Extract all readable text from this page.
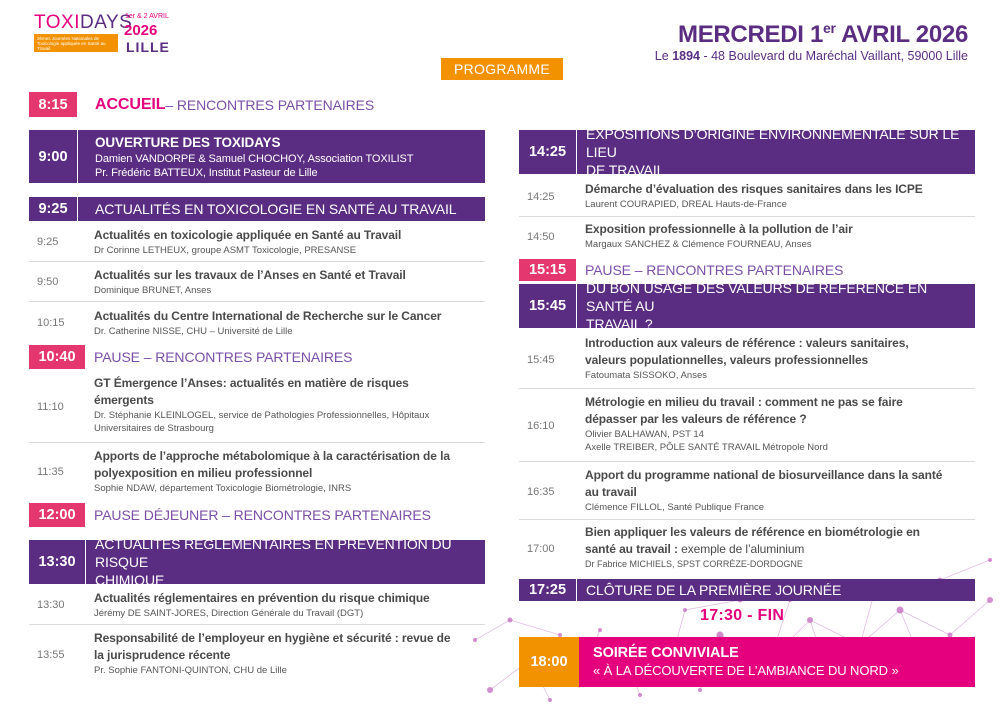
TOXIDAYS
3èmes Journées Nationales de Toxicologie appliquée en Santé au Travail
1er & 2 AVRIL
2026
LILLE	MERCREDI 1er AVRIL 2026
Le 1894 - 48 Boulevard du Maréchal Vaillant, 59000 Lille
PROGRAMME
8:15	ACCUEIL – RENCONTRES PARTENAIRES
9:00
OUVERTURE DES TOXIDAYS
Damien VANDORPE & Samuel CHOCHOY, Association TOXILIST
Pr. Frédéric BATTEUX, Institut Pasteur de Lille
9:25	ACTUALITÉS EN TOXICOLOGIE EN SANTÉ AU TRAVAIL
9:25	Actualités en toxicologie appliquée en Santé au Travail
Dr Corinne LETHEUX, groupe ASMT Toxicologie, PRESANSE
9:50	Actualités sur les travaux de l’Anses en Santé et Travail
Dominique BRUNET, Anses
10:15	Actualités du Centre International de Recherche sur le Cancer
Dr. Catherine NISSE, CHU – Université de Lille
10:40	PAUSE – RENCONTRES PARTENAIRES
11:10
GT Émergence l’Anses: actualités en matière de risques
émergents
Dr. Stéphanie KLEINLOGEL, service de Pathologies Professionnelles, Hôpitaux
Universitaires de Strasbourg
11:35
Apports de l’approche métabolomique à la caractérisation de la
polyexposition en milieu professionnel
Sophie NDAW, département Toxicologie Biométrologie, INRS
12:00	PAUSE DÉJEUNER – RENCONTRES PARTENAIRES
13:30
ACTUALITÉS RÉGLEMENTAIRES EN PRÉVENTION DU RISQUE
CHIMIQUE
13:30	Actualités réglementaires en prévention du risque chimique
Jérémy DE SAINT-JORES, Direction Générale du Travail (DGT)
13:55
Responsabilité de l’employeur en hygiène et sécurité : revue de
la jurisprudence récente
Pr. Sophie FANTONI-QUINTON, CHU de Lille
14:25
EXPOSITIONS D’ORIGINE ENVIRONNEMENTALE SUR LE LIEU
DE TRAVAIL
14:25
Démarche d’évaluation des risques sanitaires dans les ICPE
Laurent COURAPIED, DREAL Hauts-de-France
14:50
Exposition professionnelle à la pollution de l’air
Margaux SANCHEZ & Clémence FOURNEAU, Anses
15:15	PAUSE – RENCONTRES PARTENAIRES
15:45
DU BON USAGE DES VALEURS DE RÉFÉRENCE EN SANTÉ AU
TRAVAIL ?
15:45
Introduction aux valeurs de référence : valeurs sanitaires,
valeurs populationnelles, valeurs professionnelles
Fatoumata SISSOKO, Anses
16:10
Métrologie en milieu du travail : comment ne pas se faire
dépasser par les valeurs de référence ?
Olivier BALHAWAN, PST 14
Axelle TREIBER, PÔLE SANTÉ TRAVAIL Métropole Nord
16:35
Apport du programme national de biosurveillance dans la santé
au travail
Clémence FILLOL, Santé Publique France
17:00
Bien appliquer les valeurs de référence en biométrologie en
santé au travail : exemple de l’aluminium
Dr Fabrice MICHIELS, SPST CORRÈZE-DORDOGNE
17:25	CLÔTURE DE LA PREMIÈRE JOURNÉE
17:30 - FIN
18:00
SOIRÉE CONVIVIALE
« À LA DÉCOUVERTE DE L’AMBIANCE DU NORD »
